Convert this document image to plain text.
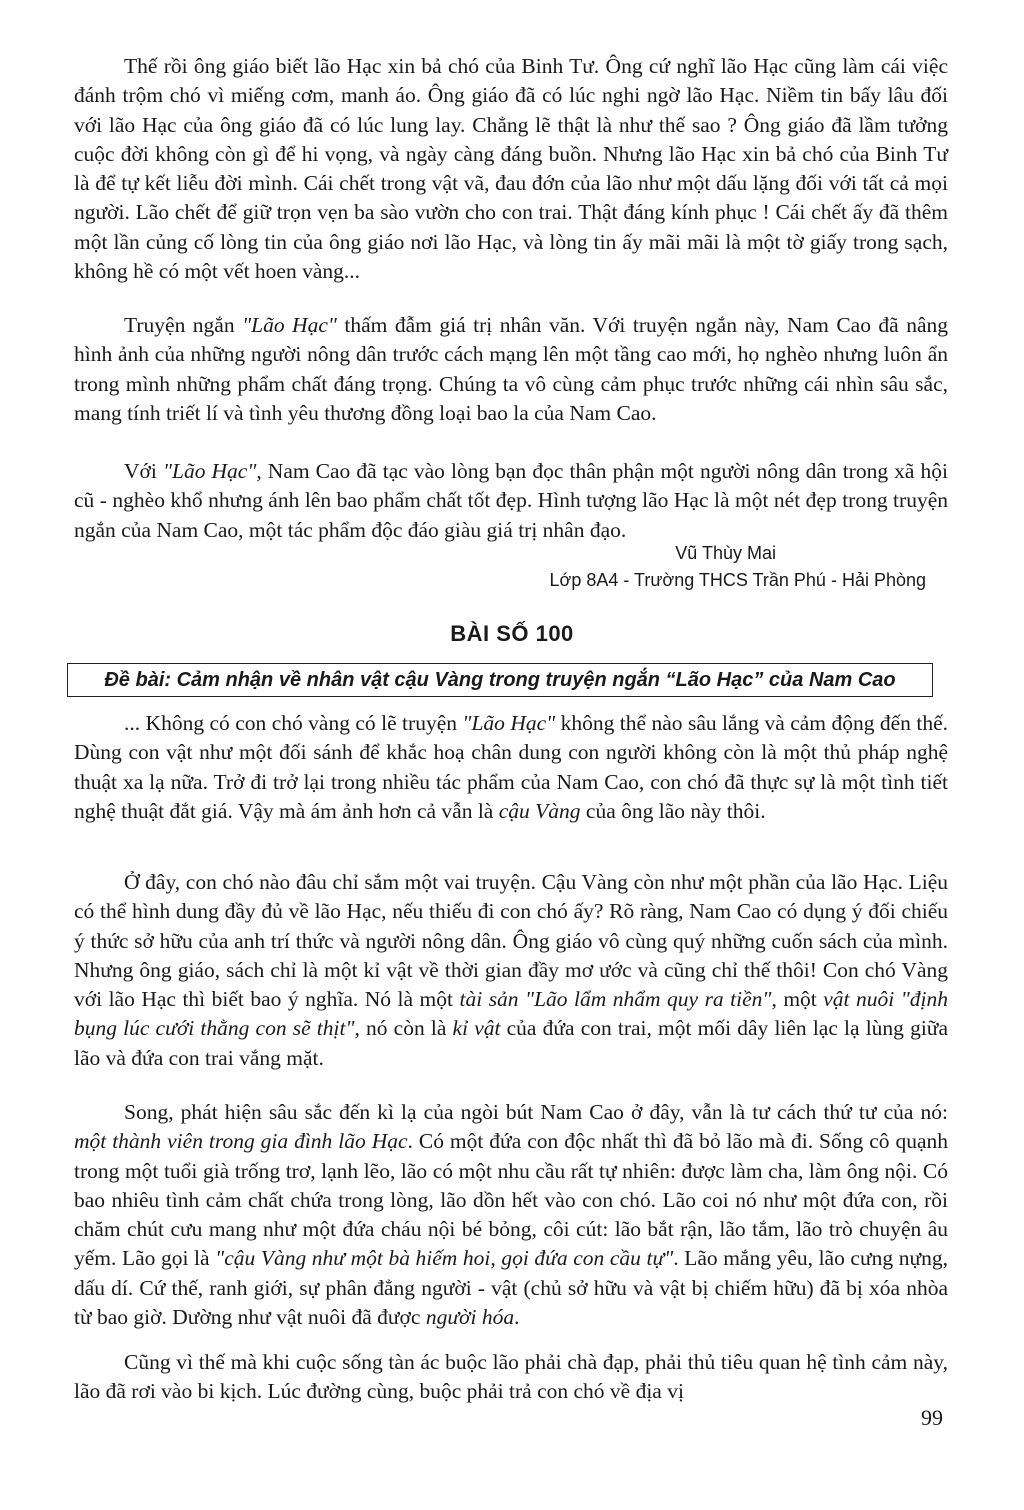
Thế rồi ông giáo biết lão Hạc xin bả chó của Binh Tư. Ông cứ nghĩ lão Hạc cũng làm cái việc đánh trộm chó vì miếng cơm, manh áo. Ông giáo đã có lúc nghi ngờ lão Hạc. Niềm tin bấy lâu đối với lão Hạc của ông giáo đã có lúc lung lay. Chẳng lẽ thật là như thế sao ? Ông giáo đã lầm tưởng cuộc đời không còn gì để hi vọng, và ngày càng đáng buồn. Nhưng lão Hạc xin bả chó của Binh Tư là để tự kết liễu đời mình. Cái chết trong vật vã, đau đớn của lão như một dấu lặng đối với tất cả mọi người. Lão chết để giữ trọn vẹn ba sào vườn cho con trai. Thật đáng kính phục ! Cái chết ấy đã thêm một lần củng cố lòng tin của ông giáo nơi lão Hạc, và lòng tin ấy mãi mãi là một tờ giấy trong sạch, không hề có một vết hoen vàng...

Truyện ngắn "Lão Hạc" thấm đẫm giá trị nhân văn. Với truyện ngắn này, Nam Cao đã nâng hình ảnh của những người nông dân trước cách mạng lên một tầng cao mới, họ nghèo nhưng luôn ẩn trong mình những phẩm chất đáng trọng. Chúng ta vô cùng cảm phục trước những cái nhìn sâu sắc, mang tính triết lí và tình yêu thương đồng loại bao la của Nam Cao.

Với "Lão Hạc", Nam Cao đã tạc vào lòng bạn đọc thân phận một người nông dân trong xã hội cũ - nghèo khổ nhưng ánh lên bao phẩm chất tốt đẹp. Hình tượng lão Hạc là một nét đẹp trong truyện ngắn của Nam Cao, một tác phẩm độc đáo giàu giá trị nhân đạo.

Vũ Thùy Mai
Lớp 8A4 - Trường THCS Trần Phú - Hải Phòng
BÀI SỐ 100
Đề bài: Cảm nhận về nhân vật cậu Vàng trong truyện ngắn “Lão Hạc” của Nam Cao

... Không có con chó vàng có lẽ truyện "Lão Hạc" không thể nào sâu lắng và cảm động đến thế. Dùng con vật như một đối sánh để khắc hoạ chân dung con người không còn là một thủ pháp nghệ thuật xa lạ nữa. Trở đi trở lại trong nhiều tác phẩm của Nam Cao, con chó đã thực sự là một tình tiết nghệ thuật đắt giá. Vậy mà ám ảnh hơn cả vẫn là cậu Vàng của ông lão này thôi.

Ở đây, con chó nào đâu chỉ sắm một vai truyện. Cậu Vàng còn như một phần của lão Hạc. Liệu có thể hình dung đầy đủ về lão Hạc, nếu thiếu đi con chó ấy? Rõ ràng, Nam Cao có dụng ý đối chiếu ý thức sở hữu của anh trí thức và người nông dân. Ông giáo vô cùng quý những cuốn sách của mình. Nhưng ông giáo, sách chỉ là một kỉ vật về thời gian đầy mơ ước và cũng chỉ thế thôi! Con chó Vàng với lão Hạc thì biết bao ý nghĩa. Nó là một tài sản "Lão lẩm nhẩm quy ra tiền", một vật nuôi "định bụng lúc cưới thằng con sẽ thịt", nó còn là kỉ vật của đứa con trai, một mối dây liên lạc lạ lùng giữa lão và đứa con trai vắng mặt.

Song, phát hiện sâu sắc đến kì lạ của ngòi bút Nam Cao ở đây, vẫn là tư cách thứ tư của nó: một thành viên trong gia đình lão Hạc. Có một đứa con độc nhất thì đã bỏ lão mà đi. Sống cô quạnh trong một tuổi già trống trơ, lạnh lẽo, lão có một nhu cầu rất tự nhiên: được làm cha, làm ông nội. Có bao nhiêu tình cảm chất chứa trong lòng, lão dồn hết vào con chó. Lão coi nó như một đứa con, rồi chăm chút cưu mang như một đứa cháu nội bé bỏng, côi cút: lão bắt rận, lão tắm, lão trò chuyện âu yếm. Lão gọi là "cậu Vàng như một bà hiếm hoi, gọi đứa con cầu tự". Lão mắng yêu, lão cưng nựng, dấu dí. Cứ thế, ranh giới, sự phân đẳng người - vật (chủ sở hữu và vật bị chiếm hữu) đã bị xóa nhòa từ bao giờ. Dường như vật nuôi đã được người hóa.

Cũng vì thế mà khi cuộc sống tàn ác buộc lão phải chà đạp, phải thủ tiêu quan hệ tình cảm này, lão đã rơi vào bi kịch. Lúc đường cùng, buộc phải trả con chó về địa vị

99
